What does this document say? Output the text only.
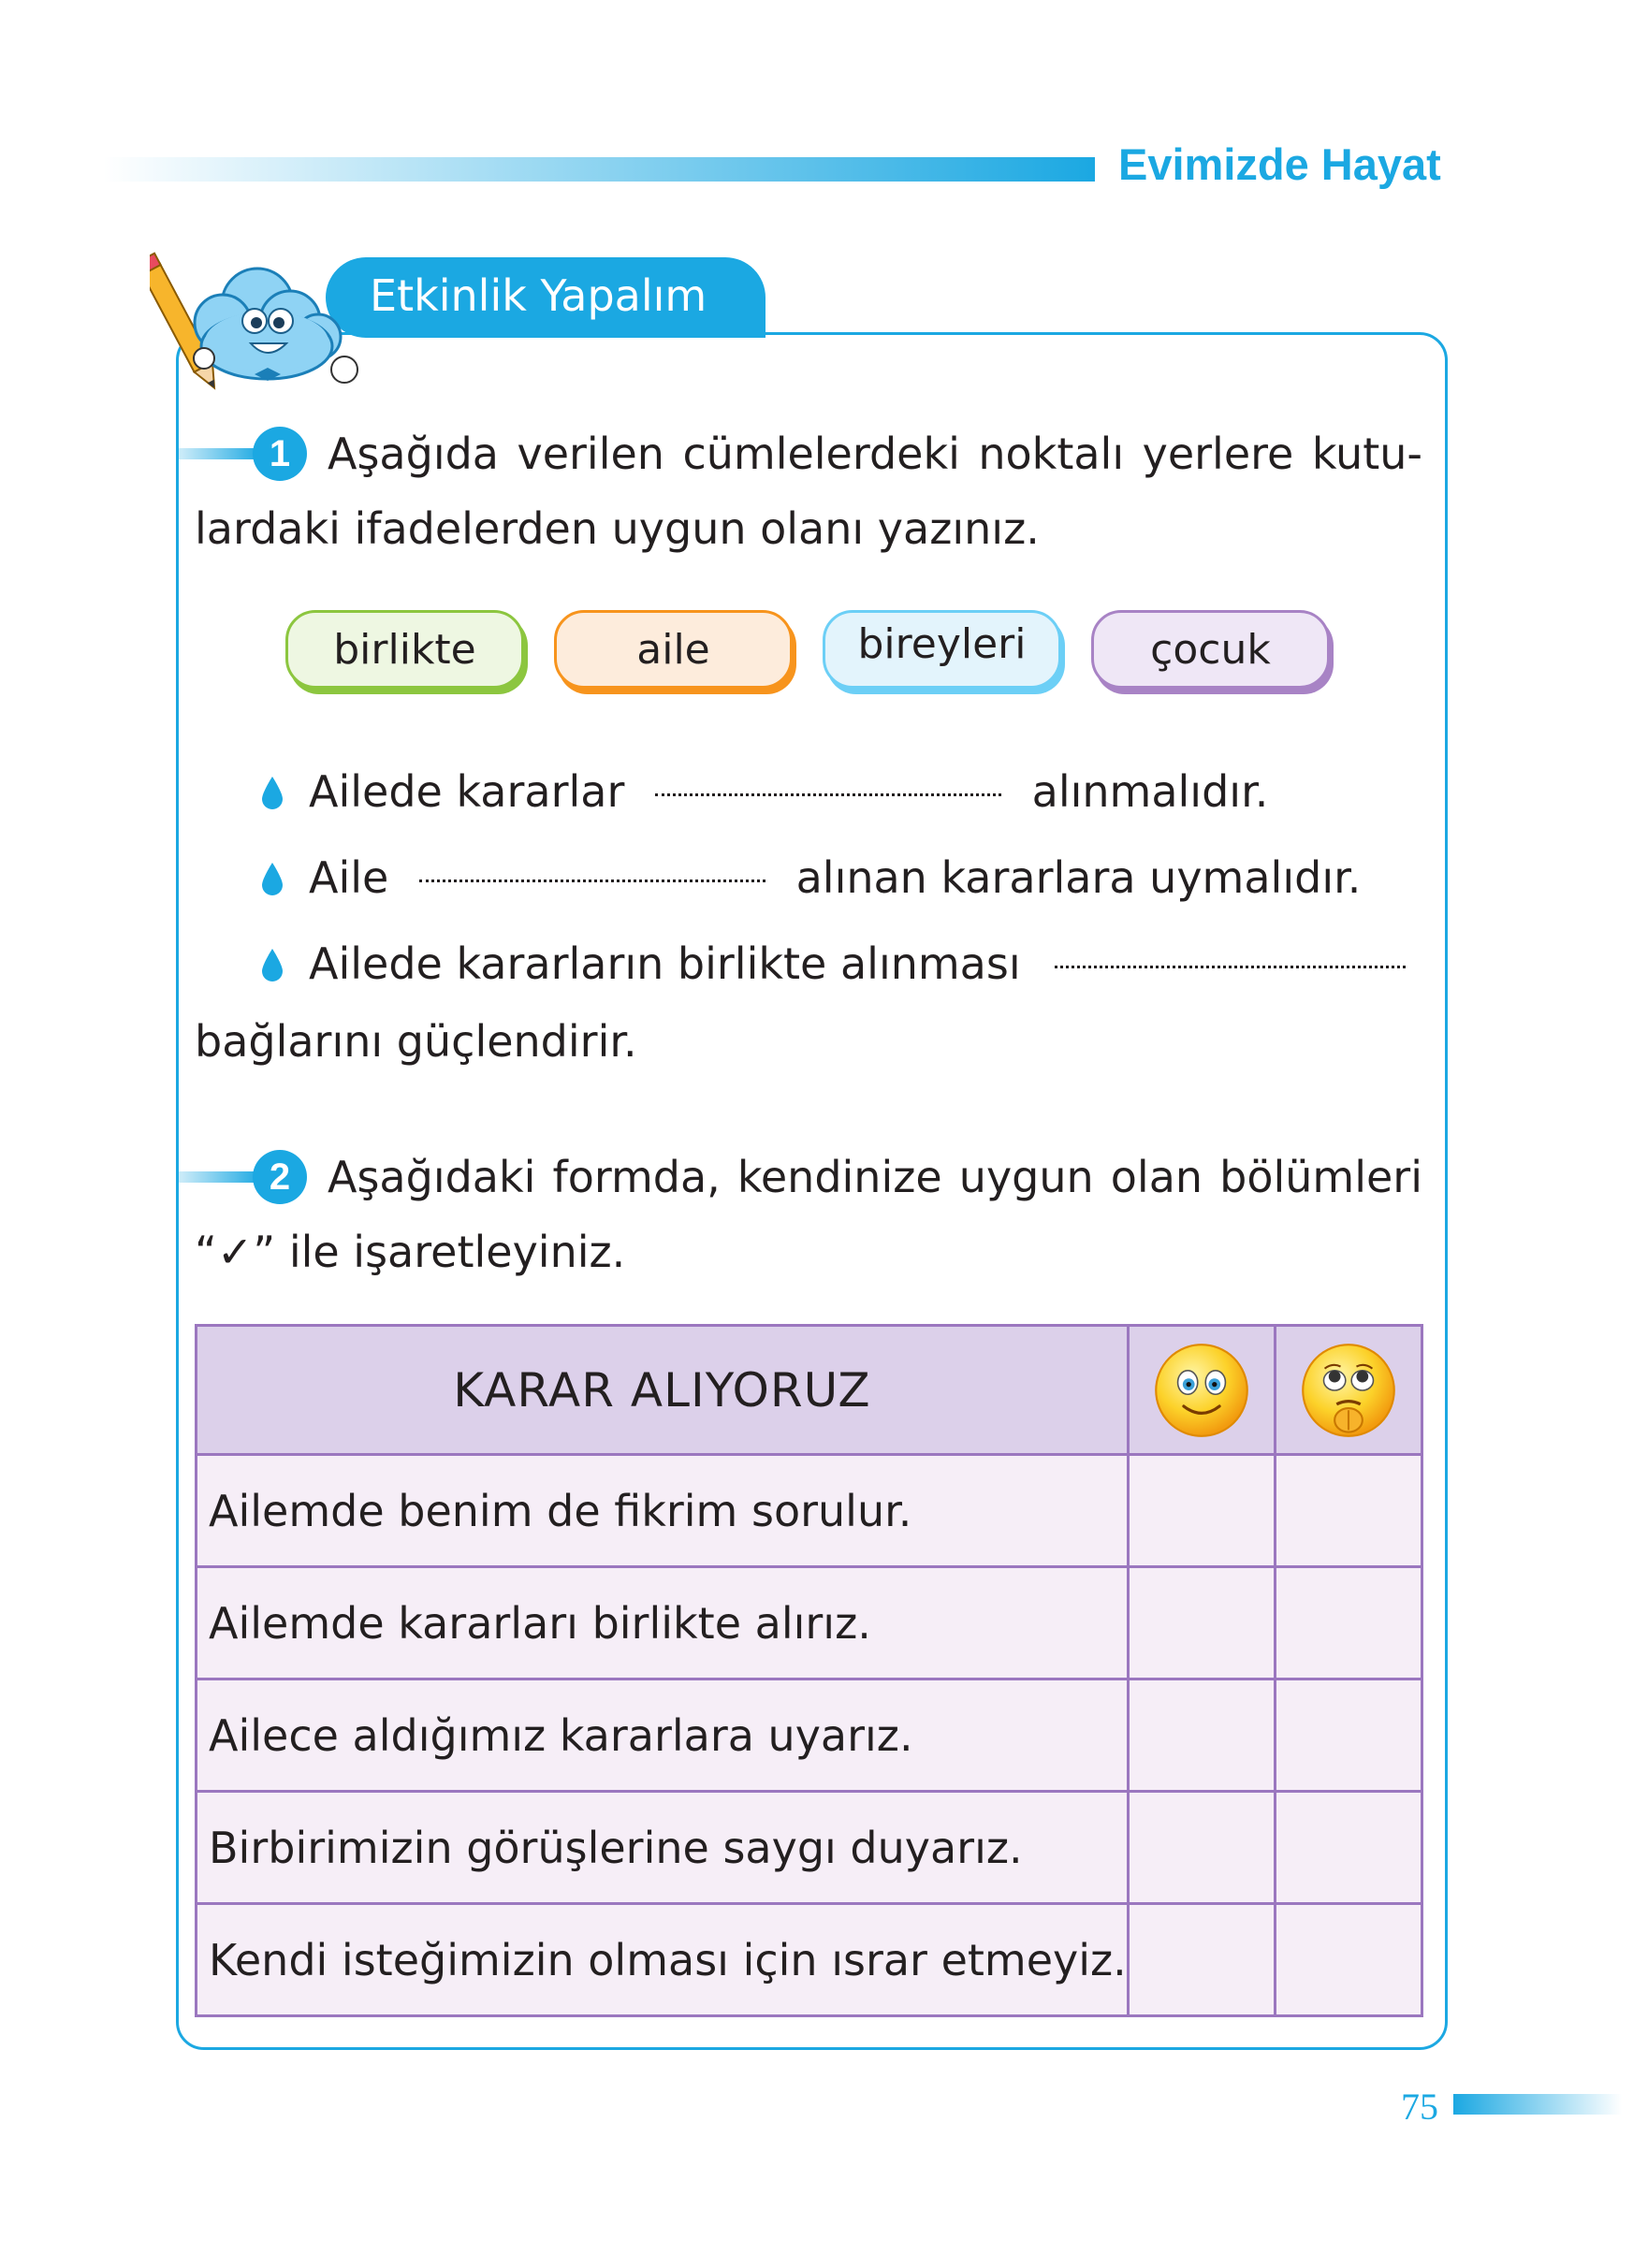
Evimizde Hayat
Etkinlik Yapalım
1 Aşağıda verilen cümlelerdeki noktalı yerlere kutu-
lardaki ifadelerden uygun olanı yazınız.
birlikte	aile	bireyleri	çocuk
Ailede kararlar	alınmalıdır.
Aile	alınan kararlara uymalıdır.
Ailede kararların birlikte alınması
bağlarını güçlendirir.
2 Aşağıdaki formda, kendinize uygun olan bölümleri
“✓” ile işaretleyiniz.
KARAR ALIYORUZ	

Ailemde benim de fikrim sorulur.		
Ailemde kararları birlikte alırız.		
Ailece aldığımız kararlara uyarız.		
Birbirimizin görüşlerine saygı duyarız.		
Kendi isteğimizin olması için ısrar etmeyiz.		
75
